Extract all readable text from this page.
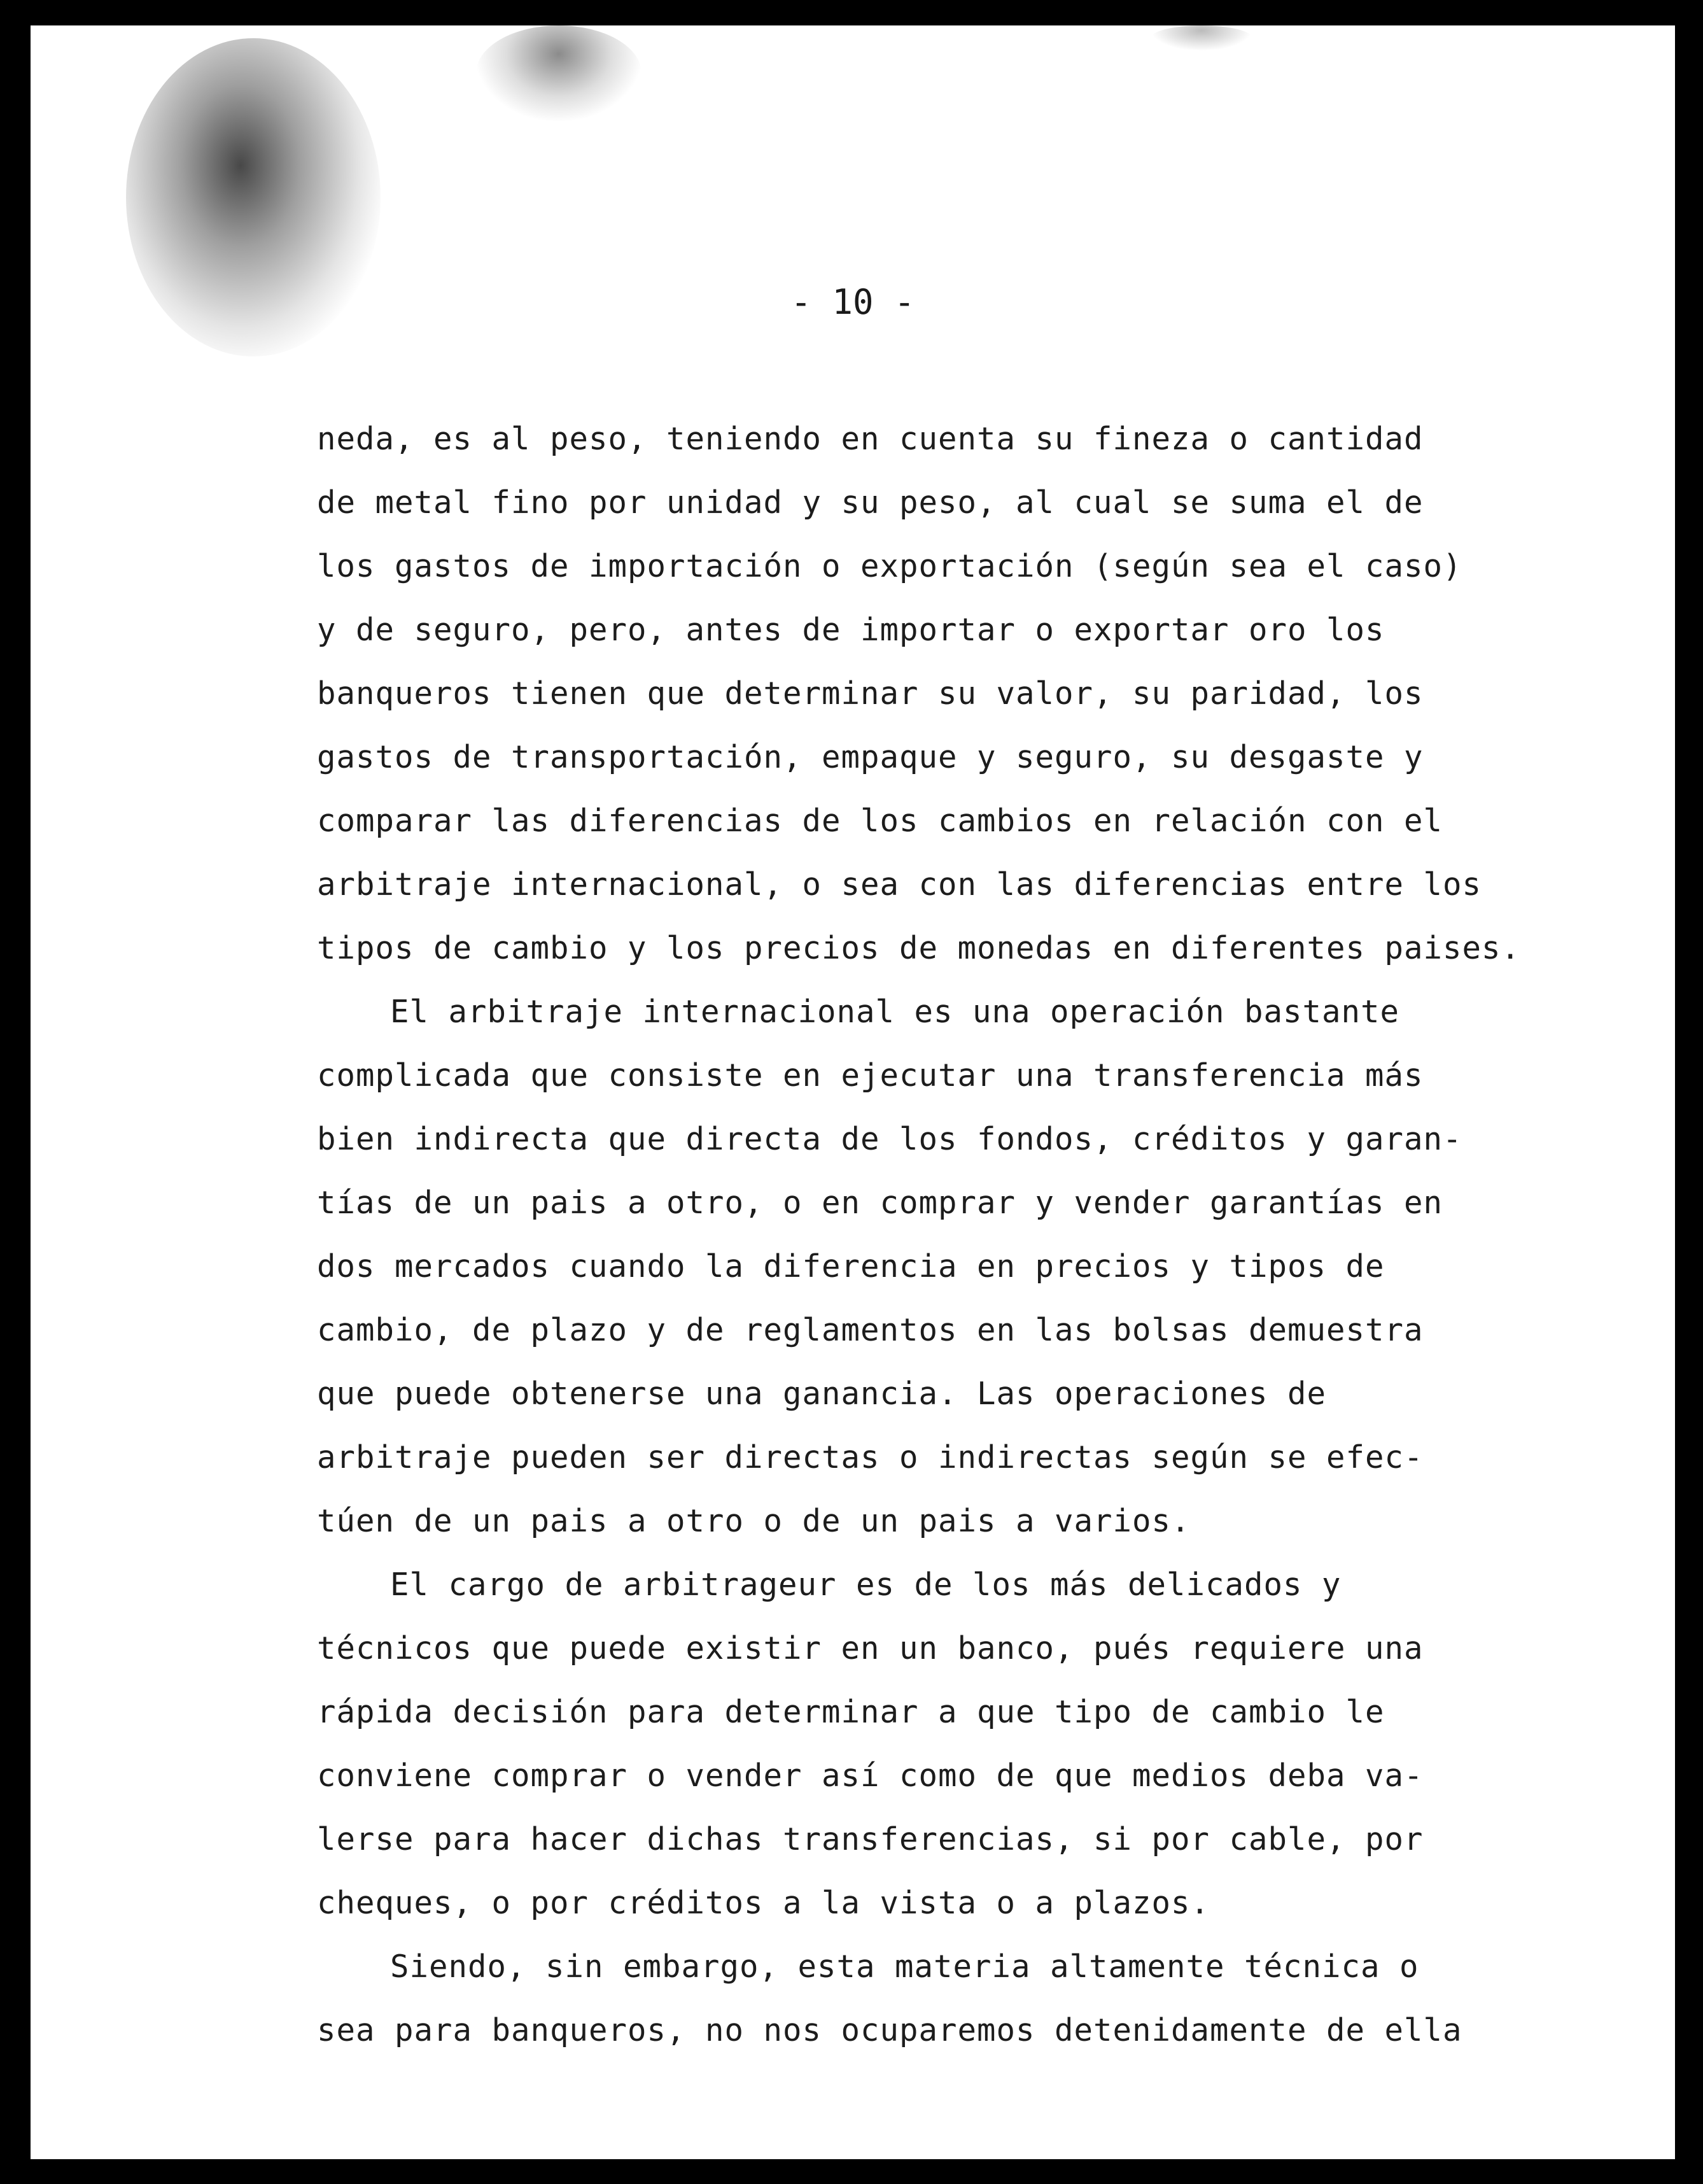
- 10 -

neda, es al peso, teniendo en cuenta su fineza o cantidad
de metal fino por unidad y su peso, al cual se suma el de
los gastos de importación o exportación (según sea el caso)
y de seguro, pero, antes de importar o exportar oro los
banqueros tienen que determinar su valor, su paridad, los
gastos de transportación, empaque y seguro, su desgaste y
comparar las diferencias de los cambios en relación con el
arbitraje internacional, o sea con las diferencias entre los
tipos de cambio y los precios de monedas en diferentes paises.
El arbitraje internacional es una operación bastante
complicada que consiste en ejecutar una transferencia más
bien indirecta que directa de los fondos, créditos y garan-
tías de un pais a otro, o en comprar y vender garantías en
dos mercados cuando la diferencia en precios y tipos de
cambio, de plazo y de reglamentos en las bolsas demuestra
que puede obtenerse una ganancia. Las operaciones de
arbitraje pueden ser directas o indirectas según se efec-
túen de un pais a otro o de un pais a varios.
El cargo de arbitrageur es de los más delicados y
técnicos que puede existir en un banco, pués requiere una
rápida decisión para determinar a que tipo de cambio le
conviene comprar o vender así como de que medios deba va-
lerse para hacer dichas transferencias, si por cable, por
cheques, o por créditos a la vista o a plazos.
Siendo, sin embargo, esta materia altamente técnica o
sea para banqueros, no nos ocuparemos detenidamente de ella
